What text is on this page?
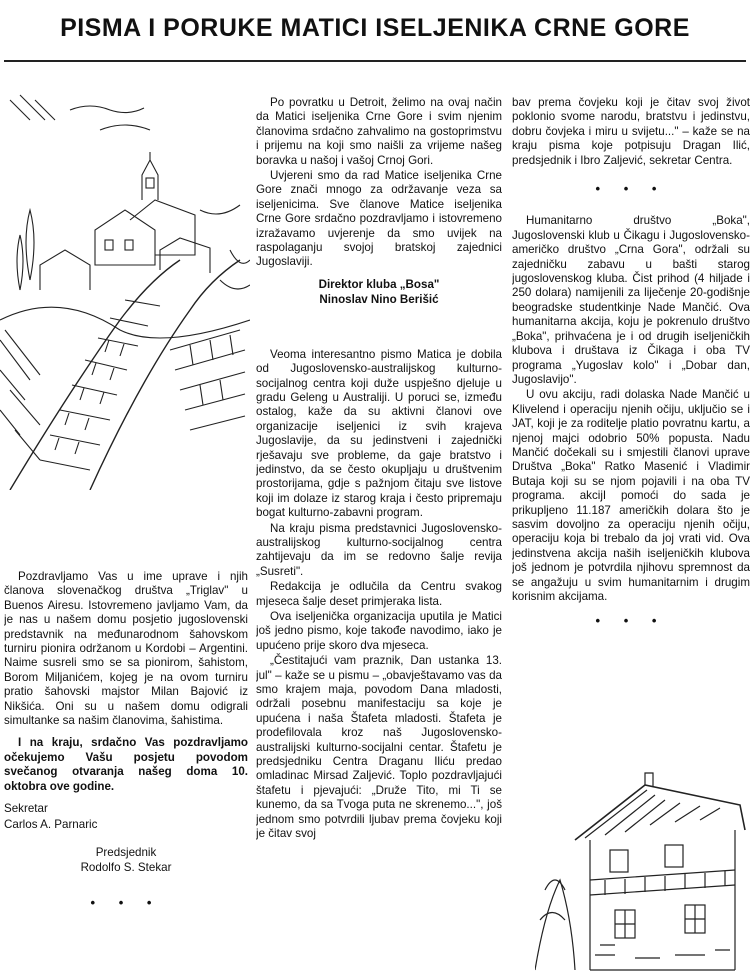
PISMA I PORUKE MATICI ISELJENIKA CRNE GORE

Pozdravljamo Vas u ime uprave i njih članova slovenačkog društva „Triglav" u Buenos Airesu. Istovremeno javljamo Vam, da je nas u našem domu posjetio jugoslovenski predstavnik na međunarodnom šahovskom turniru pionira održanom u Kordobi – Argentini. Naime susreli smo se sa pionirom, šahistom, Borom Miljanićem, kojeg je na ovom turniru pratio šahovski majstor Milan Bajović iz Nikšića. Oni su u našem domu odigrali simultanke sa našim članovima, šahistima.

I na kraju, srdačno Vas pozdravljamo očekujemo Vašu posjetu povodom svečanog otvaranja našeg doma 10. oktobra ove godine.

Sekretar

Carlos A. Parnaric

Predsjednik

Rodolfo S. Stekar

• • •

Po povratku u Detroit, želimo na ovaj način da Matici iseljenika Crne Gore i svim njenim članovima srdačno zahvalimo na gostoprimstvu i prijemu na koji smo naišli za vrijeme našeg boravka u našoj i vašoj Crnoj Gori.

Uvjereni smo da rad Matice iseljenika Crne Gore znači mnogo za održavanje veza sa iseljenicima. Sve članove Matice iseljenika Crne Gore srdačno pozdravljamo i istovremeno izražavamo uvjerenje da smo uvijek na raspolaganju svojoj bratskoj zajednici Jugoslaviji.

Direktor kluba „Bosa"

Ninoslav Nino Berišić

Veoma interesantno pismo Matica je dobila od Jugoslovensko-australijskog kulturno-socijalnog centra koji duže uspješno djeluje u gradu Geleng u Australiji. U poruci se, između ostalog, kaže da su aktivni članovi ove organizacije iseljenici iz svih krajeva Jugoslavije, da su jedinstveni i zajednički rješavaju sve probleme, da gaje bratstvo i jedinstvo, da se često okupljaju u društvenim prostorijama, gdje s pažnjom čitaju sve listove koji im dolaze iz starog kraja i često pripremaju bogat kulturno-zabavni program.

Na kraju pisma predstavnici Jugoslovensko-australijskog kulturno-socijalnog centra zahtijevaju da im se redovno šalje revija „Susreti".

Redakcija je odlučila da Centru svakog mjeseca šalje deset primjeraka lista.

Ova iseljenička organizacija uputila je Matici još jedno pismo, koje takođe navodimo, iako je upućeno prije skoro dva mjeseca.

„Čestitajući vam praznik, Dan ustanka 13. jul" – kaže se u pismu – „obavještavamo vas da smo krajem maja, povodom Dana mladosti, održali posebnu manifestaciju sa koje je upućena i naša Štafeta mladosti. Štafeta je prodefilovala kroz naš Jugoslovensko-australijski kulturno-socijalni centar. Štafetu je predsjedniku Centra Draganu Iliću predao omladinac Mirsad Zaljević. Toplo pozdravljajući štafetu i pjevajući: „Druže Tito, mi Ti se kunemo, da sa Tvoga puta ne skrenemo...", još jednom smo potvrdili ljubav prema čovjeku koji je čitav svoj

bav prema čovjeku koji je čitav svoj život poklonio svome narodu, bratstvu i jedinstvu, dobru čovjeka i miru u svijetu..." – kaže se na kraju pisma koje potpisuju Dragan Ilić, predsjednik i Ibro Zaljević, sekretar Centra.

• • •

Humanitarno društvo „Boka", Jugoslovenski klub u Čikagu i Jugoslovensko-američko društvo „Crna Gora", održali su zajedničku zabavu u bašti starog jugoslovenskog kluba. Čist prihod (4 hiljade i 250 dolara) namijenili za liječenje 20-godišnje beogradske studentkinje Nade Mančić. Ova humanitarna akcija, koju je pokrenulo društvo „Boka", prihvaćena je i od drugih iseljeničkih klubova i društava iz Čikaga i oba TV programa „Yugoslav kolo" i „Dobar dan, Jugoslavijo".

U ovu akciju, radi dolaska Nade Mančić u Klivelend i operaciju njenih očiju, uključio se i JAT, koji je za roditelje platio povratnu kartu, a njenoj majci odobrio 50% popusta. Nadu Mančić dočekali su i smjestili članovi uprave Društva „Boka" Ratko Masenić i Vladimir Butaja koji su se njom pojavili i na oba TV programa. akcijI pomoći do sada je prikupljeno 11.187 američkih dolara što je sasvim dovoljno za operaciju njenih očiju, operaciju koja bi trebalo da joj vrati vid. Ova jedinstvena akcija naših iseljeničkih klubova još jednom je potvrdila njihovu spremnost da se angažuju u svim humanitarnim i drugim korisnim akcijama.

• • •
